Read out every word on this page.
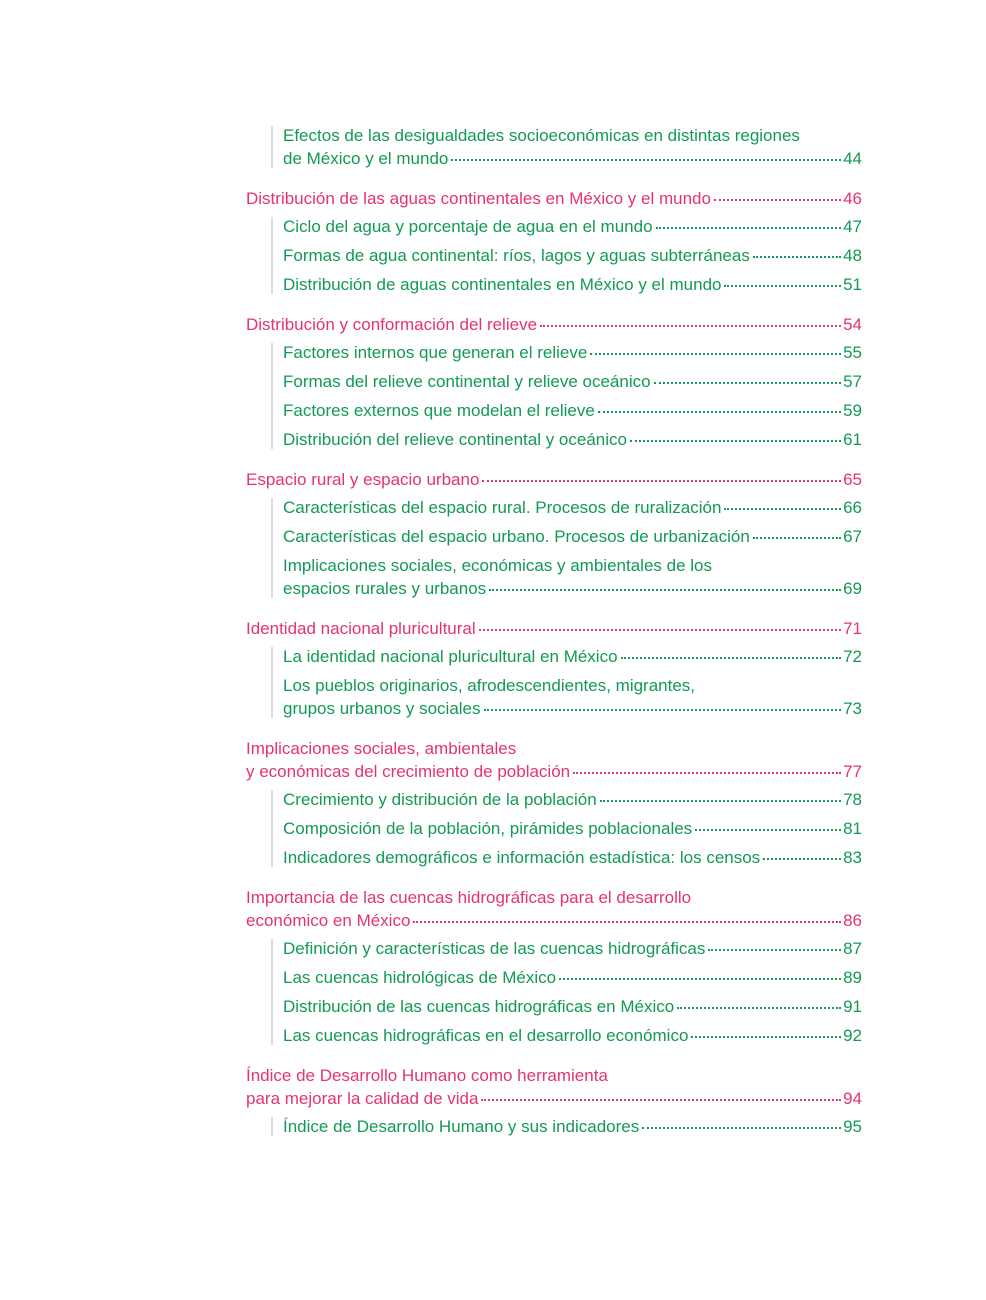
Efectos de las desigualdades socioeconómicas en distintas regiones
de México y el mundo	44
Distribución de las aguas continentales en México y el mundo	46
Ciclo del agua y porcentaje de agua en el mundo	47
Formas de agua continental: ríos, lagos y aguas subterráneas	48
Distribución de aguas continentales en México y el mundo	51
Distribución y conformación del relieve	54
Factores internos que generan el relieve	55
Formas del relieve continental y relieve oceánico	57
Factores externos que modelan el relieve	59
Distribución del relieve continental y oceánico	61
Espacio rural y espacio urbano	65
Características del espacio rural. Procesos de ruralización	66
Características del espacio urbano. Procesos de urbanización	67
Implicaciones sociales, económicas y ambientales de los
espacios rurales y urbanos	69
Identidad nacional pluricultural	71
La identidad nacional pluricultural en México	72
Los pueblos originarios, afrodescendientes, migrantes,
grupos urbanos y sociales	73
Implicaciones sociales, ambientales
y económicas del crecimiento de población	77
Crecimiento y distribución de la población	78
Composición de la población, pirámides poblacionales	81
Indicadores demográficos e información estadística: los censos	83
Importancia de las cuencas hidrográficas para el desarrollo
económico en México	86
Definición y características de las cuencas hidrográficas	87
Las cuencas hidrológicas de México	89
Distribución de las cuencas hidrográficas en México	91
Las cuencas hidrográficas en el desarrollo económico	92
Índice de Desarrollo Humano como herramienta
para mejorar la calidad de vida	94
Índice de Desarrollo Humano y sus indicadores	95
